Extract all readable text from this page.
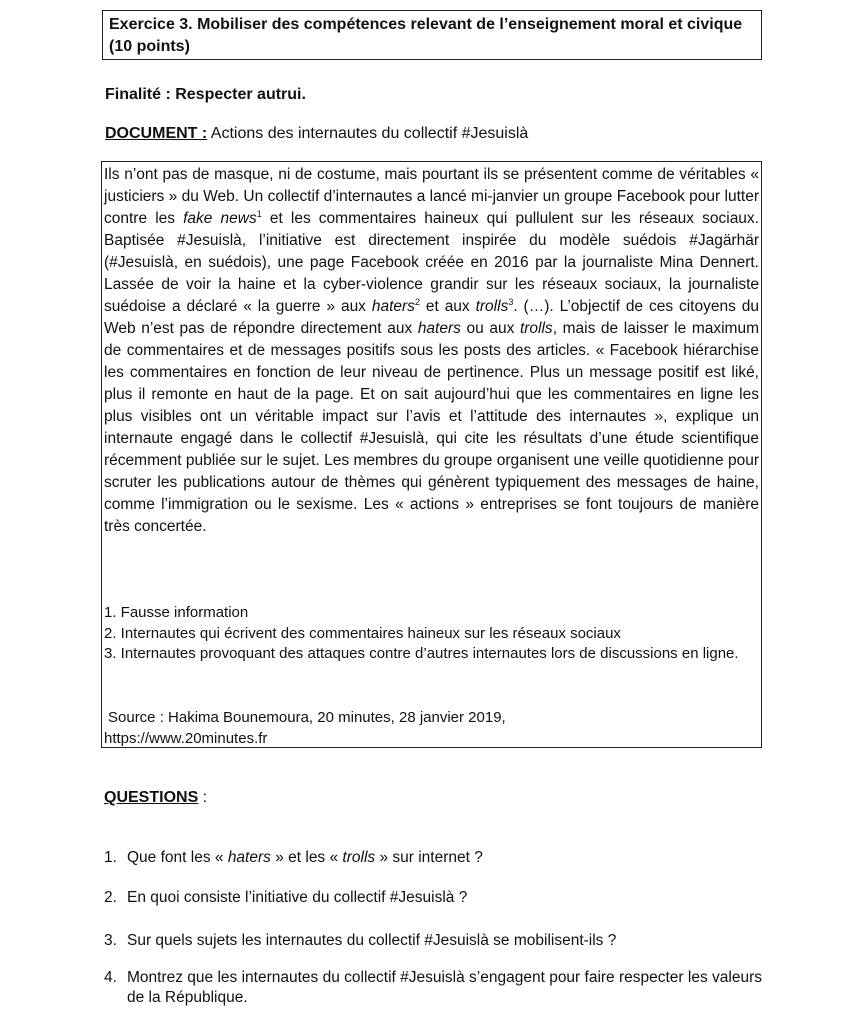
Exercice 3. Mobiliser des compétences relevant de l’enseignement moral et civique (10 points)
Finalité : Respecter autrui.
DOCUMENT : Actions des internautes du collectif #Jesuislà

Ils n’ont pas de masque, ni de costume, mais pourtant ils se présentent comme de véritables « justiciers » du Web. Un collectif d’internautes a lancé mi-janvier un groupe Facebook pour lutter contre les fake news$^1$ et les commentaires haineux qui pullulent sur les réseaux sociaux. Baptisée #Jesuislà, l’initiative est directement inspirée du modèle suédois #Jagärhär (#Jesuislà, en suédois), une page Facebook créée en 2016 par la journaliste Mina Dennert. Lassée de voir la haine et la cyber-violence grandir sur les réseaux sociaux, la journaliste suédoise a déclaré « la guerre » aux haters$^2$ et aux trolls$^3$. (…). L’objectif de ces citoyens du Web n’est pas de répondre directement aux haters ou aux trolls, mais de laisser le maximum de commentaires et de messages positifs sous les posts des articles. « Facebook hiérarchise les commentaires en fonction de leur niveau de pertinence. Plus un message positif est liké, plus il remonte en haut de la page. Et on sait aujourd’hui que les commentaires en ligne les plus visibles ont un véritable impact sur l’avis et l’attitude des internautes », explique un internaute engagé dans le collectif #Jesuislà, qui cite les résultats d’une étude scientifique récemment publiée sur le sujet. Les membres du groupe organisent une veille quotidienne pour scruter les publications autour de thèmes qui génèrent typiquement des messages de haine, comme l’immigration ou le sexisme. Les « actions » entreprises se font toujours de manière très concertée.

1. Fausse information
2. Internautes qui écrivent des commentaires haineux sur les réseaux sociaux
3. Internautes provoquant des attaques contre d’autres internautes lors de discussions en ligne.
Source : Hakima Bounemoura, 20 minutes, 28 janvier 2019,
https://www.20minutes.fr
QUESTIONS :
1. Que font les « haters » et les « trolls » sur internet ?
2. En quoi consiste l’initiative du collectif #Jesuislà ?
3. Sur quels sujets les internautes du collectif #Jesuislà se mobilisent-ils ?
4. Montrez que les internautes du collectif #Jesuislà s’engagent pour faire respecter les valeurs de la République.
